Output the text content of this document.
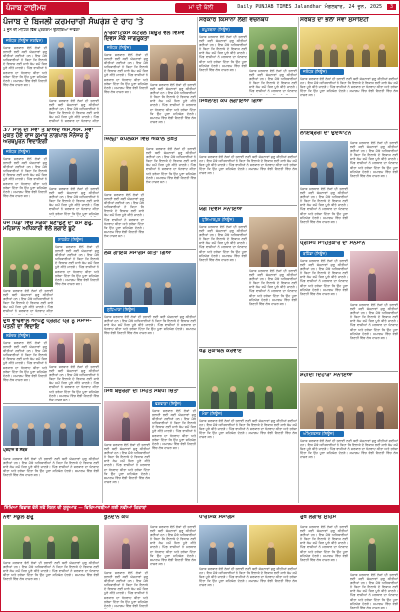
ਪੰਜਾਬ ਟਾਈਮਜ਼	ਮਾਂ ਦੀ ਬੋਲੀ	Daily PUNJAB TIMES Jalandhar ਮੰਗਲਵਾਰ, 24 ਜੂਨ, 2025 3
ਪੰਜਾਬ ਦੇ ਬਿਜਲੀ ਕਰਮਚਾਰੀ ਸੰਘਰਸ਼ ਦੇ ਰਾਹ 'ਤੇ
1 ਜੂਨ ਦੀ ਮੀਟਿੰਗ ਵਿੱਚ ਪ੍ਰੋਗਰਾਮ ਉਲੀਕਿਆ ਜਾਵੇਗਾ
ਜਲੰਧਰ (ਨਿਊਜ਼ ਸਰਵਿਸ)
ਪੰਜਾਬ ਸਰਕਾਰ ਵੱਲੋਂ ਲੋਕਾਂ ਦੀ ਭਲਾਈ ਲਈ ਕਈ ਯੋਜਨਾਵਾਂ ਸ਼ੁਰੂ ਕੀਤੀਆਂ ਗਈਆਂ ਹਨ। ਇਸ ਮੌਕੇ ਅਧਿਕਾਰੀਆਂ ਨੇ ਕਿਹਾ ਕਿ ਇਲਾਕੇ ਦੇ ਵਿਕਾਸ ਲਈ ਸਾਰੇ ਕੰਮ ਸਮੇਂ ਸਿਰ ਪੂਰੇ ਕੀਤੇ ਜਾਣਗੇ। ਪਿੰਡ ਵਾਸੀਆਂ ਨੇ ਸਰਕਾਰ ਦਾ ਧੰਨਵਾਦ ਕੀਤਾ ਅਤੇ ਭਰੋਸਾ ਦਿੱਤਾ ਕਿ ਉਹ ਪੂਰਾ ਸਹਿਯੋਗ ਦੇਣਗੇ। ਸਮਾਗਮ ਵਿੱਚ ਵੱਡੀ ਗਿਣਤੀ ਵਿੱਚ ਲੋਕ ਹਾਜ਼ਰ ਸਨ।
ਪੰਜਾਬ ਸਰਕਾਰ ਵੱਲੋਂ ਲੋਕਾਂ ਦੀ ਭਲਾਈ ਲਈ ਕਈ ਯੋਜਨਾਵਾਂ ਸ਼ੁਰੂ ਕੀਤੀਆਂ ਗਈਆਂ ਹਨ। ਇਸ ਮੌਕੇ ਅਧਿਕਾਰੀਆਂ ਨੇ ਕਿਹਾ ਕਿ ਇਲਾਕੇ ਦੇ ਵਿਕਾਸ ਲਈ ਸਾਰੇ ਕੰਮ ਸਮੇਂ ਸਿਰ ਪੂਰੇ ਕੀਤੇ ਜਾਣਗੇ। ਪਿੰਡ ਵਾਸੀਆਂ ਨੇ ਸਰਕਾਰ ਦਾ ਧੰਨਵਾਦ ਕੀਤਾ
37 ਸਾਲ ਦੀ ਸੇਵਾ ਤੋਂ ਬਾਅਦ ਐਸ.ਐਸ. ਸੇਵਾ ਮੁਕਤ ਹੋਏ ਰਾਜ ਕੁਮਾਰ ਨਾਗਪਾਲ ਮੈਨੇਜਰ ਨੂੰ ਅਰਥਪੂਰਨ ਵਿਦਾਇਗੀ
ਜਲੰਧਰ (ਨਿਊਜ਼)
ਪੰਜਾਬ ਸਰਕਾਰ ਵੱਲੋਂ ਲੋਕਾਂ ਦੀ ਭਲਾਈ ਲਈ ਕਈ ਯੋਜਨਾਵਾਂ ਸ਼ੁਰੂ ਕੀਤੀਆਂ ਗਈਆਂ ਹਨ। ਇਸ ਮੌਕੇ ਅਧਿਕਾਰੀਆਂ ਨੇ ਕਿਹਾ ਕਿ ਇਲਾਕੇ ਦੇ ਵਿਕਾਸ ਲਈ ਸਾਰੇ ਕੰਮ ਸਮੇਂ ਸਿਰ ਪੂਰੇ ਕੀਤੇ ਜਾਣਗੇ। ਪਿੰਡ ਵਾਸੀਆਂ ਨੇ ਸਰਕਾਰ ਦਾ ਧੰਨਵਾਦ ਕੀਤਾ ਅਤੇ ਭਰੋਸਾ ਦਿੱਤਾ ਕਿ ਉਹ ਪੂਰਾ ਸਹਿਯੋਗ ਦੇਣਗੇ। ਸਮਾਗਮ ਵਿੱਚ ਵੱਡੀ ਗਿਣਤੀ ਵਿੱਚ ਲੋਕ ਹਾਜ਼ਰ ਸਨ।
ਪੰਜਾਬ ਸਰਕਾਰ ਵੱਲੋਂ ਲੋਕਾਂ ਦੀ ਭਲਾਈ ਲਈ ਕਈ ਯੋਜਨਾਵਾਂ ਸ਼ੁਰੂ ਕੀਤੀਆਂ ਗਈਆਂ ਹਨ। ਇਸ ਮੌਕੇ ਅਧਿਕਾਰੀਆਂ ਨੇ ਕਿਹਾ ਕਿ ਇਲਾਕੇ ਦੇ ਵਿਕਾਸ ਲਈ ਸਾਰੇ ਕੰਮ ਸਮੇਂ ਸਿਰ ਪੂਰੇ ਕੀਤੇ ਜਾਣਗੇ। ਪਿੰਡ ਵਾਸੀਆਂ ਨੇ ਸਰਕਾਰ ਦਾ ਧੰਨਵਾਦ ਕੀਤਾ ਅਤੇ ਭਰੋਸਾ ਦਿੱਤਾ ਕਿ ਉਹ ਪੂਰਾ ਸਹਿਯੋਗ
ਪੰਜ ਪਿੰਡਾਂ ਵਿਚ ਸੜਕਾਂ ਬਣਾਉਣ ਦਾ ਕੰਮ ਸ਼ੁਰੂ, ਮਹਿਸ਼ਾਨ ਅਧਿਕਾਰੀ ਵੱਲੋਂ ਲਗਾਏ ਬੂਟੇ
ਸ਼ਾਹਕੋਟ (ਨਿਊਜ਼)
ਪੰਜਾਬ ਸਰਕਾਰ ਵੱਲੋਂ ਲੋਕਾਂ ਦੀ ਭਲਾਈ ਲਈ ਕਈ ਯੋਜਨਾਵਾਂ ਸ਼ੁਰੂ ਕੀਤੀਆਂ ਗਈਆਂ ਹਨ। ਇਸ ਮੌਕੇ ਅਧਿਕਾਰੀਆਂ ਨੇ ਕਿਹਾ ਕਿ ਇਲਾਕੇ ਦੇ ਵਿਕਾਸ ਲਈ ਸਾਰੇ ਕੰਮ ਸਮੇਂ ਸਿਰ ਪੂਰੇ ਕੀਤੇ ਜਾਣਗੇ। ਪਿੰਡ ਵਾਸੀਆਂ ਨੇ ਸਰਕਾਰ ਦਾ ਧੰਨਵਾਦ ਕੀਤਾ ਅਤੇ ਭਰੋਸਾ ਦਿੱਤਾ ਕਿ ਉਹ ਪੂਰਾ ਸਹਿਯੋਗ ਦੇਣਗੇ। ਸਮਾਗਮ ਵਿੱਚ ਵੱਡੀ ਗਿਣਤੀ ਵਿੱਚ ਲੋਕ ਹਾਜ਼ਰ ਸਨ।
ਪੰਜਾਬ ਸਰਕਾਰ ਵੱਲੋਂ ਲੋਕਾਂ ਦੀ ਭਲਾਈ ਲਈ ਕਈ ਯੋਜਨਾਵਾਂ ਸ਼ੁਰੂ ਕੀਤੀਆਂ ਗਈਆਂ ਹਨ। ਇਸ ਮੌਕੇ ਅਧਿਕਾਰੀਆਂ ਨੇ ਕਿਹਾ ਕਿ ਇਲਾਕੇ ਦੇ ਵਿਕਾਸ ਲਈ ਸਾਰੇ ਕੰਮ ਸਮੇਂ ਸਿਰ ਪੂਰੇ ਕੀਤੇ ਜਾਣਗੇ। ਪਿੰਡ ਵਾਸੀਆਂ ਨੇ ਸਰਕਾਰ ਦਾ ਧੰਨਵਾਦ ਕੀਤਾ
ਦੁਖ ਵਾਂਢਵਾਲੇ ਆਪਣੂੰ ਪ੍ਰਗਟ ਪ੍ਰੋ ਨੂੰ ਸਮਾਜ-ਪਤਨੀ ਦਾ ਵਿਦਾਇ
ਨਕੋਦਰ (ਨਿਊਜ਼)
ਪੰਜਾਬ ਸਰਕਾਰ ਵੱਲੋਂ ਲੋਕਾਂ ਦੀ ਭਲਾਈ ਲਈ ਕਈ ਯੋਜਨਾਵਾਂ ਸ਼ੁਰੂ ਕੀਤੀਆਂ ਗਈਆਂ ਹਨ। ਇਸ ਮੌਕੇ ਅਧਿਕਾਰੀਆਂ ਨੇ ਕਿਹਾ ਕਿ ਇਲਾਕੇ ਦੇ ਵਿਕਾਸ ਲਈ ਸਾਰੇ ਕੰਮ ਸਮੇਂ ਸਿਰ ਪੂਰੇ ਕੀਤੇ ਜਾਣਗੇ। ਪਿੰਡ ਵਾਸੀਆਂ ਨੇ ਸਰਕਾਰ ਦਾ ਧੰਨਵਾਦ ਕੀਤਾ ਅਤੇ ਭਰੋਸਾ ਦਿੱਤਾ ਕਿ ਉਹ ਪੂਰਾ ਸਹਿਯੋਗ ਦੇਣਗੇ। ਸਮਾਗਮ ਵਿੱਚ ਵੱਡੀ ਗਿਣਤੀ ਵਿੱਚ ਲੋਕ ਹਾਜ਼ਰ ਸਨ।
ਪੰਜਾਬ ਸਰਕਾਰ ਵੱਲੋਂ ਲੋਕਾਂ ਦੀ ਭਲਾਈ ਲਈ ਕਈ ਯੋਜਨਾਵਾਂ ਸ਼ੁਰੂ ਕੀਤੀਆਂ ਗਈਆਂ ਹਨ। ਇਸ ਮੌਕੇ ਅਧਿਕਾਰੀਆਂ ਨੇ ਕਿਹਾ ਕਿ ਇਲਾਕੇ ਦੇ ਵਿਕਾਸ ਲਈ ਸਾਰੇ ਕੰਮ ਸਮੇਂ ਸਿਰ ਪੂਰੇ ਕੀਤੇ ਜਾਣਗੇ। ਪਿੰਡ ਵਾਸੀਆਂ ਨੇ ਸਰਕਾਰ ਦਾ ਧੰਨਵਾਦ ਕੀਤਾ ਅਤੇ ਭਰੋਸਾ ਦਿੱਤਾ ਕਿ ਉਹ ਪੂਰਾ ਸਹਿਯੋਗ ਦੇਣਗੇ। ਸਮਾਗਮ ਵਿੱਚ ਵੱਡੀ ਗਿਣਤੀ ਵਿੱਚ ਲੋਕ ਹਾਜ਼ਰ ਸਨ।
ਪ੍ਰਧਾਨ ਤੇ ਮੈਂਬਰ
ਪੰਜਾਬ ਸਰਕਾਰ ਵੱਲੋਂ ਲੋਕਾਂ ਦੀ ਭਲਾਈ ਲਈ ਕਈ ਯੋਜਨਾਵਾਂ ਸ਼ੁਰੂ ਕੀਤੀਆਂ ਗਈਆਂ ਹਨ। ਇਸ ਮੌਕੇ ਅਧਿਕਾਰੀਆਂ ਨੇ ਕਿਹਾ ਕਿ ਇਲਾਕੇ ਦੇ ਵਿਕਾਸ ਲਈ ਸਾਰੇ ਕੰਮ ਸਮੇਂ ਸਿਰ ਪੂਰੇ ਕੀਤੇ ਜਾਣਗੇ। ਪਿੰਡ ਵਾਸੀਆਂ ਨੇ ਸਰਕਾਰ ਦਾ ਧੰਨਵਾਦ ਕੀਤਾ ਅਤੇ ਭਰੋਸਾ ਦਿੱਤਾ ਕਿ ਉਹ ਪੂਰਾ ਸਹਿਯੋਗ ਦੇਣਗੇ। ਸਮਾਗਮ ਵਿੱਚ ਵੱਡੀ ਗਿਣਤੀ ਵਿੱਚ ਲੋਕ ਹਾਜ਼ਰ ਸਨ।
ਨਾਰਕਾਟਿਕਸ ਕੰਟਰੋਲ ਬਿਊਰੋ ਵੱਲੋਂ ਵਿਸ਼ਵ ਦਿਵਸ ਮੌਕੇ ਜਾਗਰੂਕਤਾ
ਜਲੰਧਰ (ਨਿਊਜ਼)
ਪੰਜਾਬ ਸਰਕਾਰ ਵੱਲੋਂ ਲੋਕਾਂ ਦੀ ਭਲਾਈ ਲਈ ਕਈ ਯੋਜਨਾਵਾਂ ਸ਼ੁਰੂ ਕੀਤੀਆਂ ਗਈਆਂ ਹਨ। ਇਸ ਮੌਕੇ ਅਧਿਕਾਰੀਆਂ ਨੇ ਕਿਹਾ ਕਿ ਇਲਾਕੇ ਦੇ ਵਿਕਾਸ ਲਈ ਸਾਰੇ ਕੰਮ ਸਮੇਂ ਸਿਰ ਪੂਰੇ ਕੀਤੇ ਜਾਣਗੇ। ਪਿੰਡ ਵਾਸੀਆਂ ਨੇ ਸਰਕਾਰ ਦਾ ਧੰਨਵਾਦ ਕੀਤਾ ਅਤੇ ਭਰੋਸਾ ਦਿੱਤਾ ਕਿ ਉਹ ਪੂਰਾ ਸਹਿਯੋਗ ਦੇਣਗੇ। ਸਮਾਗਮ ਵਿੱਚ ਵੱਡੀ ਗਿਣਤੀ ਵਿੱਚ ਲੋਕ ਹਾਜ਼ਰ ਸਨ।
ਪੰਜਾਬ ਸਰਕਾਰ ਵੱਲੋਂ ਲੋਕਾਂ ਦੀ ਭਲਾਈ ਲਈ ਕਈ ਯੋਜਨਾਵਾਂ ਸ਼ੁਰੂ ਕੀਤੀਆਂ ਗਈਆਂ ਹਨ। ਇਸ ਮੌਕੇ ਅਧਿਕਾਰੀਆਂ ਨੇ ਕਿਹਾ ਕਿ ਇਲਾਕੇ ਦੇ ਵਿਕਾਸ ਲਈ ਸਾਰੇ ਕੰਮ ਸਮੇਂ ਸਿਰ ਪੂਰੇ ਕੀਤੇ ਜਾਣਗੇ। ਪਿੰਡ ਵਾਸੀਆਂ ਨੇ ਸਰਕਾਰ ਦਾ ਧੰਨਵਾਦ ਕੀਤਾ ਅਤੇ ਭਰੋਸਾ ਦਿੱਤਾ ਕਿ ਉਹ ਪੂਰਾ ਸਹਿਯੋਗ ਦੇਣਗੇ। ਸਮਾਗਮ ਵਿੱਚ ਵੱਡੀ ਗਿਣਤੀ ਵਿੱਚ ਲੋਕ ਹਾਜ਼ਰ ਸਨ।
ਜ਼ਿਲ੍ਹਾ ਕੰਪਲੈਕਸ ਵਿੱਚ ਅਕਾਲ ਤਖ਼ਤ
ਪੰਜਾਬ ਸਰਕਾਰ ਵੱਲੋਂ ਲੋਕਾਂ ਦੀ ਭਲਾਈ ਲਈ ਕਈ ਯੋਜਨਾਵਾਂ ਸ਼ੁਰੂ ਕੀਤੀਆਂ ਗਈਆਂ ਹਨ। ਇਸ ਮੌਕੇ ਅਧਿਕਾਰੀਆਂ ਨੇ ਕਿਹਾ ਕਿ ਇਲਾਕੇ ਦੇ ਵਿਕਾਸ ਲਈ ਸਾਰੇ ਕੰਮ ਸਮੇਂ ਸਿਰ ਪੂਰੇ ਕੀਤੇ ਜਾਣਗੇ। ਪਿੰਡ ਵਾਸੀਆਂ ਨੇ ਸਰਕਾਰ ਦਾ ਧੰਨਵਾਦ ਕੀਤਾ ਅਤੇ ਭਰੋਸਾ ਦਿੱਤਾ ਕਿ ਉਹ ਪੂਰਾ ਸਹਿਯੋਗ ਦੇਣਗੇ। ਸਮਾਗਮ ਵਿੱਚ ਵੱਡੀ ਗਿਣਤੀ ਵਿੱਚ ਲੋਕ ਹਾਜ਼ਰ ਸਨ।
ਪੰਜਾਬ ਸਰਕਾਰ ਵੱਲੋਂ ਲੋਕਾਂ ਦੀ ਭਲਾਈ ਲਈ ਕਈ ਯੋਜਨਾਵਾਂ ਸ਼ੁਰੂ ਕੀਤੀਆਂ ਗਈਆਂ ਹਨ। ਇਸ ਮੌਕੇ ਅਧਿਕਾਰੀਆਂ ਨੇ ਕਿਹਾ ਕਿ ਇਲਾਕੇ ਦੇ ਵਿਕਾਸ ਲਈ ਸਾਰੇ ਕੰਮ ਸਮੇਂ ਸਿਰ ਪੂਰੇ ਕੀਤੇ ਜਾਣਗੇ। ਪਿੰਡ ਵਾਸੀਆਂ ਨੇ ਸਰਕਾਰ ਦਾ ਧੰਨਵਾਦ ਕੀਤਾ ਅਤੇ ਭਰੋਸਾ ਦਿੱਤਾ ਕਿ ਉਹ ਪੂਰਾ ਸਹਿਯੋਗ ਦੇਣਗੇ। ਸਮਾਗਮ ਵਿੱਚ ਵੱਡੀ ਗਿਣਤੀ ਵਿੱਚ ਲੋਕ ਹਾਜ਼ਰ ਸਨ।
ਲੋਕ ਗਾਇਕ ਸਮਾਗਮ ਕੀਤਾ ਗਿਆ
ਲੁਧਿਆਣਾ (ਨਿਊਜ਼)
ਪੰਜਾਬ ਸਰਕਾਰ ਵੱਲੋਂ ਲੋਕਾਂ ਦੀ ਭਲਾਈ ਲਈ ਕਈ ਯੋਜਨਾਵਾਂ ਸ਼ੁਰੂ ਕੀਤੀਆਂ ਗਈਆਂ ਹਨ। ਇਸ ਮੌਕੇ ਅਧਿਕਾਰੀਆਂ ਨੇ ਕਿਹਾ ਕਿ ਇਲਾਕੇ ਦੇ ਵਿਕਾਸ ਲਈ ਸਾਰੇ ਕੰਮ ਸਮੇਂ ਸਿਰ ਪੂਰੇ ਕੀਤੇ ਜਾਣਗੇ। ਪਿੰਡ ਵਾਸੀਆਂ ਨੇ ਸਰਕਾਰ ਦਾ ਧੰਨਵਾਦ ਕੀਤਾ ਅਤੇ ਭਰੋਸਾ ਦਿੱਤਾ ਕਿ ਉਹ ਪੂਰਾ ਸਹਿਯੋਗ ਦੇਣਗੇ। ਸਮਾਗਮ ਵਿੱਚ ਵੱਡੀ ਗਿਣਤੀ ਵਿੱਚ ਲੋਕ ਹਾਜ਼ਰ ਸਨ।
ਸਿੱਖ ਬਜ਼ੁਰਗਾਂ ਦੀ ਸਿਹਤ ਸਬੰਧੀ ਚਿੰਤਾ
ਫਗਵਾੜਾ (ਨਿਊਜ਼)
ਪੰਜਾਬ ਸਰਕਾਰ ਵੱਲੋਂ ਲੋਕਾਂ ਦੀ ਭਲਾਈ ਲਈ ਕਈ ਯੋਜਨਾਵਾਂ ਸ਼ੁਰੂ ਕੀਤੀਆਂ ਗਈਆਂ ਹਨ। ਇਸ ਮੌਕੇ ਅਧਿਕਾਰੀਆਂ ਨੇ ਕਿਹਾ ਕਿ ਇਲਾਕੇ ਦੇ ਵਿਕਾਸ ਲਈ ਸਾਰੇ ਕੰਮ ਸਮੇਂ ਸਿਰ ਪੂਰੇ ਕੀਤੇ ਜਾਣਗੇ। ਪਿੰਡ ਵਾਸੀਆਂ ਨੇ ਸਰਕਾਰ ਦਾ ਧੰਨਵਾਦ ਕੀਤਾ ਅਤੇ ਭਰੋਸਾ ਦਿੱਤਾ ਕਿ ਉਹ ਪੂਰਾ ਸਹਿਯੋਗ ਦੇਣਗੇ। ਸਮਾਗਮ ਵਿੱਚ ਵੱਡੀ ਗਿਣਤੀ ਵਿੱਚ ਲੋਕ ਹਾਜ਼ਰ ਸਨ।
ਪੰਜਾਬ ਸਰਕਾਰ ਵੱਲੋਂ ਲੋਕਾਂ ਦੀ ਭਲਾਈ ਲਈ ਕਈ ਯੋਜਨਾਵਾਂ ਸ਼ੁਰੂ ਕੀਤੀਆਂ ਗਈਆਂ ਹਨ। ਇਸ ਮੌਕੇ ਅਧਿਕਾਰੀਆਂ ਨੇ ਕਿਹਾ ਕਿ ਇਲਾਕੇ ਦੇ ਵਿਕਾਸ ਲਈ ਸਾਰੇ ਕੰਮ ਸਮੇਂ ਸਿਰ ਪੂਰੇ ਕੀਤੇ ਜਾਣਗੇ। ਪਿੰਡ ਵਾਸੀਆਂ ਨੇ ਸਰਕਾਰ ਦਾ ਧੰਨਵਾਦ ਕੀਤਾ ਅਤੇ ਭਰੋਸਾ ਦਿੱਤਾ ਕਿ ਉਹ ਪੂਰਾ ਸਹਿਯੋਗ ਦੇਣਗੇ। ਸਮਾਗਮ ਵਿੱਚ ਵੱਡੀ ਗਿਣਤੀ ਵਿੱਚ ਲੋਕ ਹਾਜ਼ਰ ਸਨ।
ਸਰਕਾਰ ਕਿਸਾਨਾਂ ਲਈ ਵਚਨਬੱਧ
ਕਪੂਰਥਲਾ (ਨਿਊਜ਼)
ਪੰਜਾਬ ਸਰਕਾਰ ਵੱਲੋਂ ਲੋਕਾਂ ਦੀ ਭਲਾਈ ਲਈ ਕਈ ਯੋਜਨਾਵਾਂ ਸ਼ੁਰੂ ਕੀਤੀਆਂ ਗਈਆਂ ਹਨ। ਇਸ ਮੌਕੇ ਅਧਿਕਾਰੀਆਂ ਨੇ ਕਿਹਾ ਕਿ ਇਲਾਕੇ ਦੇ ਵਿਕਾਸ ਲਈ ਸਾਰੇ ਕੰਮ ਸਮੇਂ ਸਿਰ ਪੂਰੇ ਕੀਤੇ ਜਾਣਗੇ। ਪਿੰਡ ਵਾਸੀਆਂ ਨੇ ਸਰਕਾਰ ਦਾ ਧੰਨਵਾਦ ਕੀਤਾ ਅਤੇ ਭਰੋਸਾ ਦਿੱਤਾ ਕਿ ਉਹ ਪੂਰਾ ਸਹਿਯੋਗ ਦੇਣਗੇ। ਸਮਾਗਮ ਵਿੱਚ ਵੱਡੀ ਗਿਣਤੀ ਵਿੱਚ ਲੋਕ ਹਾਜ਼ਰ ਸਨ।	ਪੰਜਾਬ ਸਰਕਾਰ ਵੱਲੋਂ ਲੋਕਾਂ ਦੀ ਭਲਾਈ ਲਈ ਕਈ ਯੋਜਨਾਵਾਂ ਸ਼ੁਰੂ ਕੀਤੀਆਂ ਗਈਆਂ ਹਨ। ਇਸ ਮੌਕੇ ਅਧਿਕਾਰੀਆਂ ਨੇ ਕਿਹਾ ਕਿ ਇਲਾਕੇ ਦੇ ਵਿਕਾਸ ਲਈ ਸਾਰੇ ਕੰਮ ਸਮੇਂ ਸਿਰ ਪੂਰੇ ਕੀਤੇ ਜਾਣਗੇ। ਪਿੰਡ ਵਾਸੀਆਂ ਨੇ ਸਰਕਾਰ ਦਾ ਧੰਨਵਾਦ
ਸਿਖਲਾਈ ਕੈਂਪ ਲਗਾਇਆ ਗਿਆ
ਪੰਜਾਬ ਸਰਕਾਰ ਵੱਲੋਂ ਲੋਕਾਂ ਦੀ ਭਲਾਈ ਲਈ ਕਈ ਯੋਜਨਾਵਾਂ ਸ਼ੁਰੂ ਕੀਤੀਆਂ ਗਈਆਂ ਹਨ। ਇਸ ਮੌਕੇ ਅਧਿਕਾਰੀਆਂ ਨੇ ਕਿਹਾ ਕਿ ਇਲਾਕੇ ਦੇ ਵਿਕਾਸ ਲਈ ਸਾਰੇ ਕੰਮ ਸਮੇਂ ਸਿਰ ਪੂਰੇ ਕੀਤੇ ਜਾਣਗੇ। ਪਿੰਡ ਵਾਸੀਆਂ ਨੇ ਸਰਕਾਰ ਦਾ ਧੰਨਵਾਦ ਕੀਤਾ ਅਤੇ ਭਰੋਸਾ ਦਿੱਤਾ ਕਿ ਉਹ ਪੂਰਾ ਸਹਿਯੋਗ ਦੇਣਗੇ। ਸਮਾਗਮ ਵਿੱਚ ਵੱਡੀ ਗਿਣਤੀ ਵਿੱਚ ਲੋਕ ਹਾਜ਼ਰ ਸਨ।
ਯੋਗ ਦਿਵਸ ਮਨਾਇਆ
ਹੁਸ਼ਿਆਰਪੁਰ (ਨਿਊਜ਼)
ਪੰਜਾਬ ਸਰਕਾਰ ਵੱਲੋਂ ਲੋਕਾਂ ਦੀ ਭਲਾਈ ਲਈ ਕਈ ਯੋਜਨਾਵਾਂ ਸ਼ੁਰੂ ਕੀਤੀਆਂ ਗਈਆਂ ਹਨ। ਇਸ ਮੌਕੇ ਅਧਿਕਾਰੀਆਂ ਨੇ ਕਿਹਾ ਕਿ ਇਲਾਕੇ ਦੇ ਵਿਕਾਸ ਲਈ ਸਾਰੇ ਕੰਮ ਸਮੇਂ ਸਿਰ ਪੂਰੇ ਕੀਤੇ ਜਾਣਗੇ। ਪਿੰਡ ਵਾਸੀਆਂ ਨੇ ਸਰਕਾਰ ਦਾ ਧੰਨਵਾਦ ਕੀਤਾ ਅਤੇ ਭਰੋਸਾ ਦਿੱਤਾ ਕਿ ਉਹ ਪੂਰਾ ਸਹਿਯੋਗ ਦੇਣਗੇ। ਸਮਾਗਮ ਵਿੱਚ ਵੱਡੀ ਗਿਣਤੀ ਵਿੱਚ ਲੋਕ ਹਾਜ਼ਰ ਸਨ।
ਪੰਜਾਬ ਸਰਕਾਰ ਵੱਲੋਂ ਲੋਕਾਂ ਦੀ ਭਲਾਈ ਲਈ ਕਈ ਯੋਜਨਾਵਾਂ ਸ਼ੁਰੂ ਕੀਤੀਆਂ ਗਈਆਂ ਹਨ। ਇਸ ਮੌਕੇ ਅਧਿਕਾਰੀਆਂ ਨੇ ਕਿਹਾ ਕਿ ਇਲਾਕੇ ਦੇ ਵਿਕਾਸ ਲਈ ਸਾਰੇ ਕੰਮ ਸਮੇਂ ਸਿਰ ਪੂਰੇ ਕੀਤੇ ਜਾਣਗੇ। ਪਿੰਡ ਵਾਸੀਆਂ ਨੇ ਸਰਕਾਰ ਦਾ ਧੰਨਵਾਦ ਕੀਤਾ ਅਤੇ ਭਰੋਸਾ ਦਿੱਤਾ ਕਿ ਉਹ ਪੂਰਾ ਸਹਿਯੋਗ ਦੇਣਗੇ। ਸਮਾਗਮ ਵਿੱਚ ਵੱਡੀ ਗਿਣਤੀ ਵਿੱਚ ਲੋਕ ਹਾਜ਼ਰ ਸਨ।
ਖੇਡ ਮੁਕਾਬਲੇ ਕਰਵਾਏ
ਮੋਗਾ (ਨਿਊਜ਼)
ਪੰਜਾਬ ਸਰਕਾਰ ਵੱਲੋਂ ਲੋਕਾਂ ਦੀ ਭਲਾਈ ਲਈ ਕਈ ਯੋਜਨਾਵਾਂ ਸ਼ੁਰੂ ਕੀਤੀਆਂ ਗਈਆਂ ਹਨ। ਇਸ ਮੌਕੇ ਅਧਿਕਾਰੀਆਂ ਨੇ ਕਿਹਾ ਕਿ ਇਲਾਕੇ ਦੇ ਵਿਕਾਸ ਲਈ ਸਾਰੇ ਕੰਮ ਸਮੇਂ ਸਿਰ ਪੂਰੇ ਕੀਤੇ ਜਾਣਗੇ। ਪਿੰਡ ਵਾਸੀਆਂ ਨੇ ਸਰਕਾਰ ਦਾ ਧੰਨਵਾਦ ਕੀਤਾ ਅਤੇ ਭਰੋਸਾ ਦਿੱਤਾ ਕਿ ਉਹ ਪੂਰਾ ਸਹਿਯੋਗ ਦੇਣਗੇ। ਸਮਾਗਮ ਵਿੱਚ ਵੱਡੀ ਗਿਣਤੀ ਵਿੱਚ ਲੋਕ ਹਾਜ਼ਰ ਸਨ।
ਸਰਬੱਤ ਦਾ ਭਲਾ ਸੇਵਾ ਸੁਸਾਇਟੀ
ਜਲੰਧਰ (ਨਿਊਜ਼)
ਪੰਜਾਬ ਸਰਕਾਰ ਵੱਲੋਂ ਲੋਕਾਂ ਦੀ ਭਲਾਈ ਲਈ ਕਈ ਯੋਜਨਾਵਾਂ ਸ਼ੁਰੂ ਕੀਤੀਆਂ ਗਈਆਂ ਹਨ। ਇਸ ਮੌਕੇ ਅਧਿਕਾਰੀਆਂ ਨੇ ਕਿਹਾ ਕਿ ਇਲਾਕੇ ਦੇ ਵਿਕਾਸ ਲਈ ਸਾਰੇ ਕੰਮ ਸਮੇਂ ਸਿਰ ਪੂਰੇ ਕੀਤੇ ਜਾਣਗੇ। ਪਿੰਡ ਵਾਸੀਆਂ ਨੇ ਸਰਕਾਰ ਦਾ ਧੰਨਵਾਦ ਕੀਤਾ ਅਤੇ ਭਰੋਸਾ ਦਿੱਤਾ ਕਿ ਉਹ ਪੂਰਾ ਸਹਿਯੋਗ ਦੇਣਗੇ। ਸਮਾਗਮ ਵਿੱਚ ਵੱਡੀ ਗਿਣਤੀ ਵਿੱਚ ਲੋਕ ਹਾਜ਼ਰ ਸਨ।
ਲਾਇਬ੍ਰੇਰੀ ਦਾ ਉਦਘਾਟਨ
ਪੰਜਾਬ ਸਰਕਾਰ ਵੱਲੋਂ ਲੋਕਾਂ ਦੀ ਭਲਾਈ ਲਈ ਕਈ ਯੋਜਨਾਵਾਂ ਸ਼ੁਰੂ ਕੀਤੀਆਂ ਗਈਆਂ ਹਨ। ਇਸ ਮੌਕੇ ਅਧਿਕਾਰੀਆਂ ਨੇ ਕਿਹਾ ਕਿ ਇਲਾਕੇ ਦੇ ਵਿਕਾਸ ਲਈ ਸਾਰੇ ਕੰਮ ਸਮੇਂ ਸਿਰ ਪੂਰੇ ਕੀਤੇ ਜਾਣਗੇ। ਪਿੰਡ ਵਾਸੀਆਂ ਨੇ ਸਰਕਾਰ ਦਾ ਧੰਨਵਾਦ ਕੀਤਾ ਅਤੇ ਭਰੋਸਾ ਦਿੱਤਾ ਕਿ ਉਹ ਪੂਰਾ ਸਹਿਯੋਗ ਦੇਣਗੇ। ਸਮਾਗਮ ਵਿੱਚ ਵੱਡੀ ਗਿਣਤੀ ਵਿੱਚ ਲੋਕ ਹਾਜ਼ਰ ਸਨ।
ਪੰਜਾਬ ਸਰਕਾਰ ਵੱਲੋਂ ਲੋਕਾਂ ਦੀ ਭਲਾਈ ਲਈ ਕਈ ਯੋਜਨਾਵਾਂ ਸ਼ੁਰੂ ਕੀਤੀਆਂ ਗਈਆਂ ਹਨ। ਇਸ ਮੌਕੇ ਅਧਿਕਾਰੀਆਂ ਨੇ ਕਿਹਾ ਕਿ ਇਲਾਕੇ ਦੇ ਵਿਕਾਸ ਲਈ ਸਾਰੇ ਕੰਮ ਸਮੇਂ ਸਿਰ ਪੂਰੇ ਕੀਤੇ ਜਾਣਗੇ। ਪਿੰਡ ਵਾਸੀਆਂ ਨੇ ਸਰਕਾਰ ਦਾ ਧੰਨਵਾਦ ਕੀਤਾ ਅਤੇ ਭਰੋਸਾ ਦਿੱਤਾ ਕਿ ਉਹ ਪੂਰਾ ਸਹਿਯੋਗ ਦੇਣਗੇ। ਸਮਾਗਮ ਵਿੱਚ ਵੱਡੀ ਗਿਣਤੀ ਵਿੱਚ ਲੋਕ ਹਾਜ਼ਰ ਸਨ।
ਪ੍ਰਸਿੱਧ ਸਾਹਿਤਕਾਰ ਦਾ ਸਨਮਾਨ
ਬਠਿੰਡਾ (ਨਿਊਜ਼)
ਪੰਜਾਬ ਸਰਕਾਰ ਵੱਲੋਂ ਲੋਕਾਂ ਦੀ ਭਲਾਈ ਲਈ ਕਈ ਯੋਜਨਾਵਾਂ ਸ਼ੁਰੂ ਕੀਤੀਆਂ ਗਈਆਂ ਹਨ। ਇਸ ਮੌਕੇ ਅਧਿਕਾਰੀਆਂ ਨੇ ਕਿਹਾ ਕਿ ਇਲਾਕੇ ਦੇ ਵਿਕਾਸ ਲਈ ਸਾਰੇ ਕੰਮ ਸਮੇਂ ਸਿਰ ਪੂਰੇ ਕੀਤੇ ਜਾਣਗੇ। ਪਿੰਡ ਵਾਸੀਆਂ ਨੇ ਸਰਕਾਰ ਦਾ ਧੰਨਵਾਦ ਕੀਤਾ ਅਤੇ ਭਰੋਸਾ ਦਿੱਤਾ ਕਿ ਉਹ ਪੂਰਾ ਸਹਿਯੋਗ ਦੇਣਗੇ। ਸਮਾਗਮ ਵਿੱਚ ਵੱਡੀ ਗਿਣਤੀ ਵਿੱਚ ਲੋਕ ਹਾਜ਼ਰ ਸਨ।
ਪੰਜਾਬ ਸਰਕਾਰ ਵੱਲੋਂ ਲੋਕਾਂ ਦੀ ਭਲਾਈ ਲਈ ਕਈ ਯੋਜਨਾਵਾਂ ਸ਼ੁਰੂ ਕੀਤੀਆਂ ਗਈਆਂ ਹਨ। ਇਸ ਮੌਕੇ ਅਧਿਕਾਰੀਆਂ ਨੇ ਕਿਹਾ ਕਿ ਇਲਾਕੇ ਦੇ ਵਿਕਾਸ ਲਈ ਸਾਰੇ ਕੰਮ ਸਮੇਂ ਸਿਰ ਪੂਰੇ ਕੀਤੇ ਜਾਣਗੇ। ਪਿੰਡ ਵਾਸੀਆਂ ਨੇ ਸਰਕਾਰ ਦਾ ਧੰਨਵਾਦ ਕੀਤਾ ਅਤੇ ਭਰੋਸਾ ਦਿੱਤਾ ਕਿ ਉਹ ਪੂਰਾ ਸਹਿਯੋਗ ਦੇਣਗੇ। ਸਮਾਗਮ ਵਿੱਚ ਵੱਡੀ ਗਿਣਤੀ ਵਿੱਚ ਲੋਕ ਹਾਜ਼ਰ ਸਨ।
ਸ਼ਹੀਦੀ ਦਿਹਾੜਾ ਮਨਾਇਆ
ਅੰਮ੍ਰਿਤਸਰ (ਨਿਊਜ਼)
ਪੰਜਾਬ ਸਰਕਾਰ ਵੱਲੋਂ ਲੋਕਾਂ ਦੀ ਭਲਾਈ ਲਈ ਕਈ ਯੋਜਨਾਵਾਂ ਸ਼ੁਰੂ ਕੀਤੀਆਂ ਗਈਆਂ ਹਨ। ਇਸ ਮੌਕੇ ਅਧਿਕਾਰੀਆਂ ਨੇ ਕਿਹਾ ਕਿ ਇਲਾਕੇ ਦੇ ਵਿਕਾਸ ਲਈ ਸਾਰੇ ਕੰਮ ਸਮੇਂ ਸਿਰ ਪੂਰੇ ਕੀਤੇ ਜਾਣਗੇ। ਪਿੰਡ ਵਾਸੀਆਂ ਨੇ ਸਰਕਾਰ ਦਾ ਧੰਨਵਾਦ ਕੀਤਾ ਅਤੇ ਭਰੋਸਾ ਦਿੱਤਾ ਕਿ ਉਹ ਪੂਰਾ ਸਹਿਯੋਗ ਦੇਣਗੇ। ਸਮਾਗਮ ਵਿੱਚ ਵੱਡੀ ਗਿਣਤੀ ਵਿੱਚ ਲੋਕ ਹਾਜ਼ਰ ਸਨ।
ਸਿੱਖਿਆ ਵਿਭਾਗ ਵੱਲੋਂ ਨਵੇਂ ਸੈਸ਼ਨ ਦੀ ਸ਼ੁਰੂਆਤ — ਵਿਦਿਆਰਥੀਆਂ ਲਈ ਨਵੀਆਂ ਕਿਤਾਬਾਂ
ਨਵਾਂ ਸਕੂਲ ਸ਼ੁਰੂ
ਪੰਜਾਬ ਸਰਕਾਰ ਵੱਲੋਂ ਲੋਕਾਂ ਦੀ ਭਲਾਈ ਲਈ ਕਈ ਯੋਜਨਾਵਾਂ ਸ਼ੁਰੂ ਕੀਤੀਆਂ ਗਈਆਂ ਹਨ। ਇਸ ਮੌਕੇ ਅਧਿਕਾਰੀਆਂ ਨੇ ਕਿਹਾ ਕਿ ਇਲਾਕੇ ਦੇ ਵਿਕਾਸ ਲਈ ਸਾਰੇ ਕੰਮ ਸਮੇਂ ਸਿਰ ਪੂਰੇ ਕੀਤੇ ਜਾਣਗੇ। ਪਿੰਡ ਵਾਸੀਆਂ ਨੇ ਸਰਕਾਰ ਦਾ ਧੰਨਵਾਦ ਕੀਤਾ ਅਤੇ ਭਰੋਸਾ ਦਿੱਤਾ ਕਿ ਉਹ ਪੂਰਾ ਸਹਿਯੋਗ ਦੇਣਗੇ। ਸਮਾਗਮ ਵਿੱਚ ਵੱਡੀ ਗਿਣਤੀ ਵਿੱਚ ਲੋਕ ਹਾਜ਼ਰ ਸਨ।
ਖੂਨਦਾਨ ਕੈਂਪ
ਪੰਜਾਬ ਸਰਕਾਰ ਵੱਲੋਂ ਲੋਕਾਂ ਦੀ ਭਲਾਈ ਲਈ ਕਈ ਯੋਜਨਾਵਾਂ ਸ਼ੁਰੂ ਕੀਤੀਆਂ ਗਈਆਂ ਹਨ। ਇਸ ਮੌਕੇ ਅਧਿਕਾਰੀਆਂ ਨੇ ਕਿਹਾ ਕਿ ਇਲਾਕੇ ਦੇ ਵਿਕਾਸ ਲਈ ਸਾਰੇ ਕੰਮ ਸਮੇਂ ਸਿਰ ਪੂਰੇ ਕੀਤੇ ਜਾਣਗੇ। ਪਿੰਡ ਵਾਸੀਆਂ ਨੇ ਸਰਕਾਰ ਦਾ ਧੰਨਵਾਦ ਕੀਤਾ ਅਤੇ ਭਰੋਸਾ ਦਿੱਤਾ ਕਿ ਉਹ ਪੂਰਾ ਸਹਿਯੋਗ ਦੇਣਗੇ। ਸਮਾਗਮ ਵਿੱਚ ਵੱਡੀ ਗਿਣਤੀ ਵਿੱਚ ਲੋਕ ਹਾਜ਼ਰ ਸਨ।
ਪੰਜਾਬ ਸਰਕਾਰ ਵੱਲੋਂ ਲੋਕਾਂ ਦੀ ਭਲਾਈ ਲਈ ਕਈ ਯੋਜਨਾਵਾਂ ਸ਼ੁਰੂ ਕੀਤੀਆਂ ਗਈਆਂ ਹਨ। ਇਸ ਮੌਕੇ ਅਧਿਕਾਰੀਆਂ ਨੇ ਕਿਹਾ ਕਿ ਇਲਾਕੇ ਦੇ ਵਿਕਾਸ ਲਈ ਸਾਰੇ ਕੰਮ ਸਮੇਂ ਸਿਰ ਪੂਰੇ ਕੀਤੇ ਜਾਣਗੇ। ਪਿੰਡ ਵਾਸੀਆਂ ਨੇ ਸਰਕਾਰ ਦਾ ਧੰਨਵਾਦ ਕੀਤਾ ਅਤੇ ਭਰੋਸਾ ਦਿੱਤਾ ਕਿ ਉਹ ਪੂਰਾ ਸਹਿਯੋਗ ਦੇਣਗੇ। ਸਮਾਗਮ ਵਿੱਚ ਵੱਡੀ ਗਿਣਤੀ
ਧਾਰਮਿਕ ਸਮਾਗਮ
ਪੰਜਾਬ ਸਰਕਾਰ ਵੱਲੋਂ ਲੋਕਾਂ ਦੀ ਭਲਾਈ ਲਈ ਕਈ ਯੋਜਨਾਵਾਂ ਸ਼ੁਰੂ ਕੀਤੀਆਂ ਗਈਆਂ ਹਨ। ਇਸ ਮੌਕੇ ਅਧਿਕਾਰੀਆਂ ਨੇ ਕਿਹਾ ਕਿ ਇਲਾਕੇ ਦੇ ਵਿਕਾਸ ਲਈ ਸਾਰੇ ਕੰਮ ਸਮੇਂ ਸਿਰ ਪੂਰੇ ਕੀਤੇ ਜਾਣਗੇ। ਪਿੰਡ ਵਾਸੀਆਂ ਨੇ ਸਰਕਾਰ ਦਾ ਧੰਨਵਾਦ ਕੀਤਾ ਅਤੇ ਭਰੋਸਾ ਦਿੱਤਾ ਕਿ ਉਹ ਪੂਰਾ ਸਹਿਯੋਗ ਦੇਣਗੇ। ਸਮਾਗਮ ਵਿੱਚ ਵੱਡੀ ਗਿਣਤੀ ਵਿੱਚ ਲੋਕ ਹਾਜ਼ਰ ਸਨ।
ਰੁੱਖ ਲਗਾਓ ਮੁਹਿੰਮ
ਪੰਜਾਬ ਸਰਕਾਰ ਵੱਲੋਂ ਲੋਕਾਂ ਦੀ ਭਲਾਈ ਲਈ ਕਈ ਯੋਜਨਾਵਾਂ ਸ਼ੁਰੂ ਕੀਤੀਆਂ ਗਈਆਂ ਹਨ। ਇਸ ਮੌਕੇ ਅਧਿਕਾਰੀਆਂ ਨੇ ਕਿਹਾ ਕਿ ਇਲਾਕੇ ਦੇ ਵਿਕਾਸ ਲਈ ਸਾਰੇ ਕੰਮ ਸਮੇਂ ਸਿਰ ਪੂਰੇ ਕੀਤੇ ਜਾਣਗੇ। ਪਿੰਡ ਵਾਸੀਆਂ ਨੇ ਸਰਕਾਰ ਦਾ ਧੰਨਵਾਦ ਕੀਤਾ ਅਤੇ ਭਰੋਸਾ ਦਿੱਤਾ ਕਿ ਉਹ ਪੂਰਾ ਸਹਿਯੋਗ ਦੇਣਗੇ। ਸਮਾਗਮ ਵਿੱਚ ਵੱਡੀ ਗਿਣਤੀ ਵਿੱਚ ਲੋਕ ਹਾਜ਼ਰ ਸਨ।
ਪੰਜਾਬ ਸਰਕਾਰ ਵੱਲੋਂ ਲੋਕਾਂ ਦੀ ਭਲਾਈ ਲਈ ਕਈ ਯੋਜਨਾਵਾਂ ਸ਼ੁਰੂ ਕੀਤੀਆਂ ਗਈਆਂ ਹਨ। ਇਸ ਮੌਕੇ ਅਧਿਕਾਰੀਆਂ ਨੇ ਕਿਹਾ ਕਿ ਇਲਾਕੇ ਦੇ ਵਿਕਾਸ ਲਈ ਸਾਰੇ ਕੰਮ ਸਮੇਂ ਸਿਰ ਪੂਰੇ ਕੀਤੇ ਜਾਣਗੇ। ਪਿੰਡ ਵਾਸੀਆਂ ਨੇ ਸਰਕਾਰ ਦਾ ਧੰਨਵਾਦ ਕੀਤਾ ਅਤੇ ਭਰੋਸਾ ਦਿੱਤਾ ਕਿ ਉਹ ਪੂਰਾ ਸਹਿਯੋਗ ਦੇਣਗੇ। ਸਮਾਗਮ ਵਿੱਚ ਵੱਡੀ ਗਿਣਤੀ ਵਿੱਚ ਲੋਕ ਹਾਜ਼ਰ ਸਨ।
